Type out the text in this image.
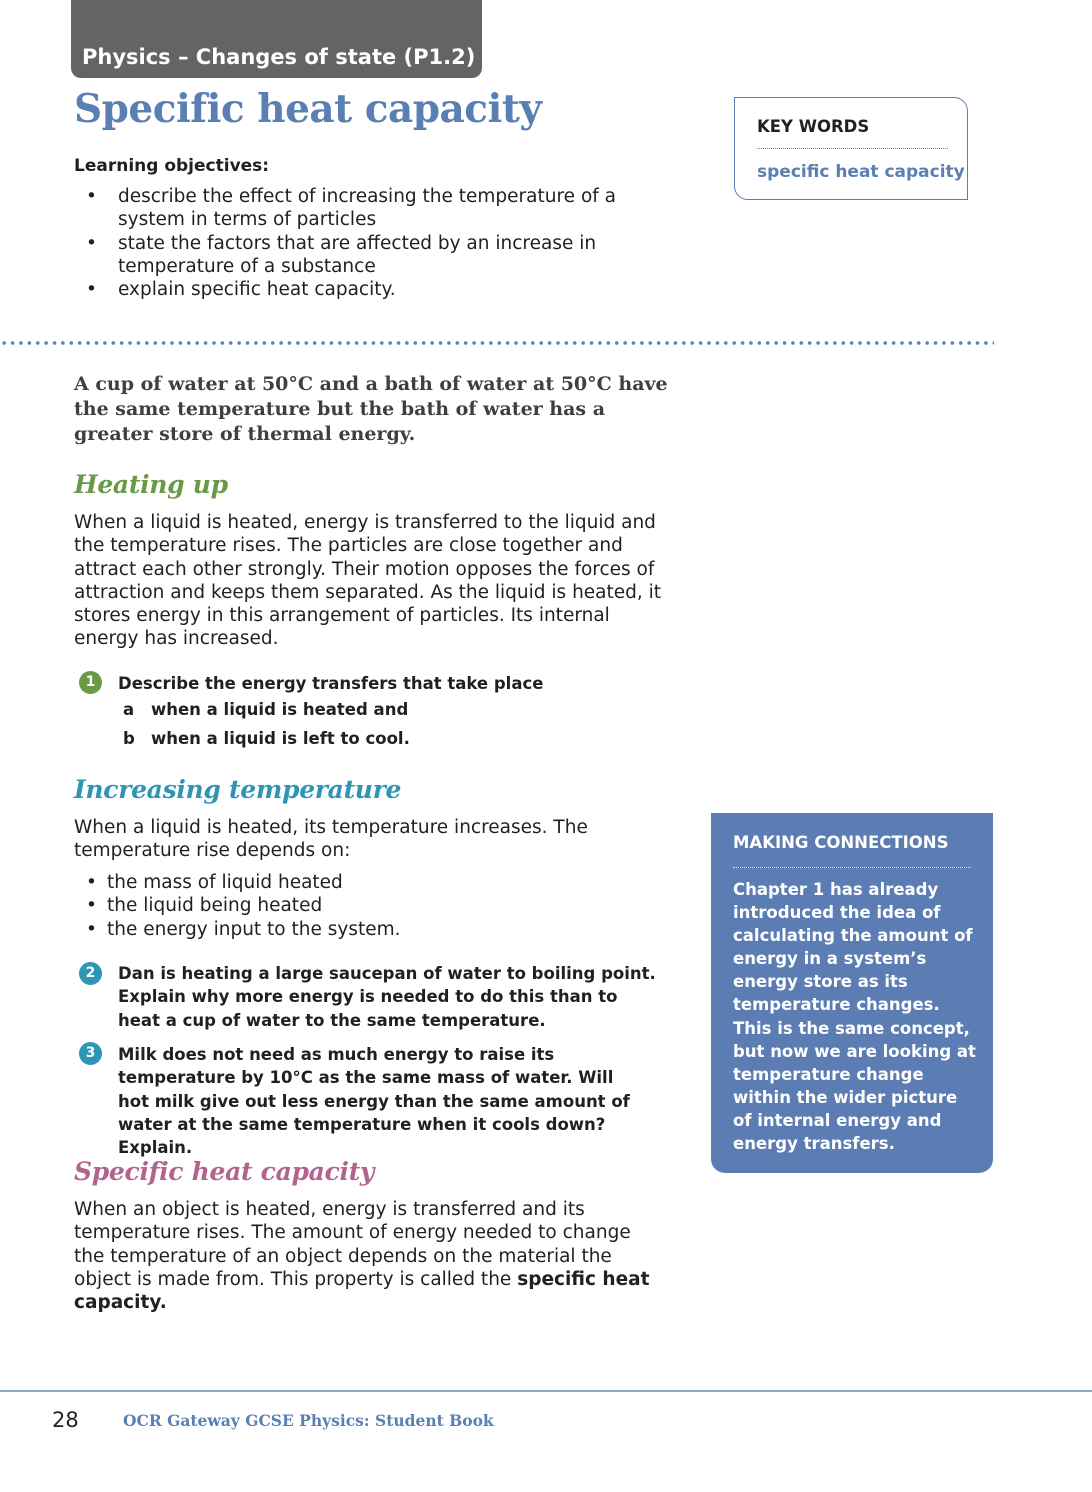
Physics – Changes of state (P1.2)
Specific heat capacity
Learning objectives:
• describe the effect of increasing the temperature of a system in terms of particles
• state the factors that are affected by an increase in temperature of a substance
• explain specific heat capacity.
KEY WORDS
specific heat capacity
A cup of water at 50°C and a bath of water at 50°C have the same temperature but the bath of water has a greater store of thermal energy.
Heating up
When a liquid is heated, energy is transferred to the liquid and the temperature rises. The particles are close together and attract each other strongly. Their motion opposes the forces of attraction and keeps them separated. As the liquid is heated, it stores energy in this arrangement of particles. Its internal energy has increased.
1	Describe the energy transfers that take place
a when a liquid is heated and
b when a liquid is left to cool.
Increasing temperature
When a liquid is heated, its temperature increases. The temperature rise depends on:
• the mass of liquid heated
• the liquid being heated
• the energy input to the system.
2	Dan is heating a large saucepan of water to boiling point. Explain why more energy is needed to do this than to heat a cup of water to the same temperature.
3	Milk does not need as much energy to raise its temperature by 10°C as the same mass of water. Will hot milk give out less energy than the same amount of water at the same temperature when it cools down? Explain.
Specific heat capacity
When an object is heated, energy is transferred and its temperature rises. The amount of energy needed to change the temperature of an object depends on the material the object is made from. This property is called the specific heat capacity.
MAKING CONNECTIONS
Chapter 1 has already introduced the idea of calculating the amount of energy in a system’s energy store as its temperature changes. This is the same concept, but now we are looking at temperature change within the wider picture of internal energy and energy transfers.
28	OCR Gateway GCSE Physics: Student Book
